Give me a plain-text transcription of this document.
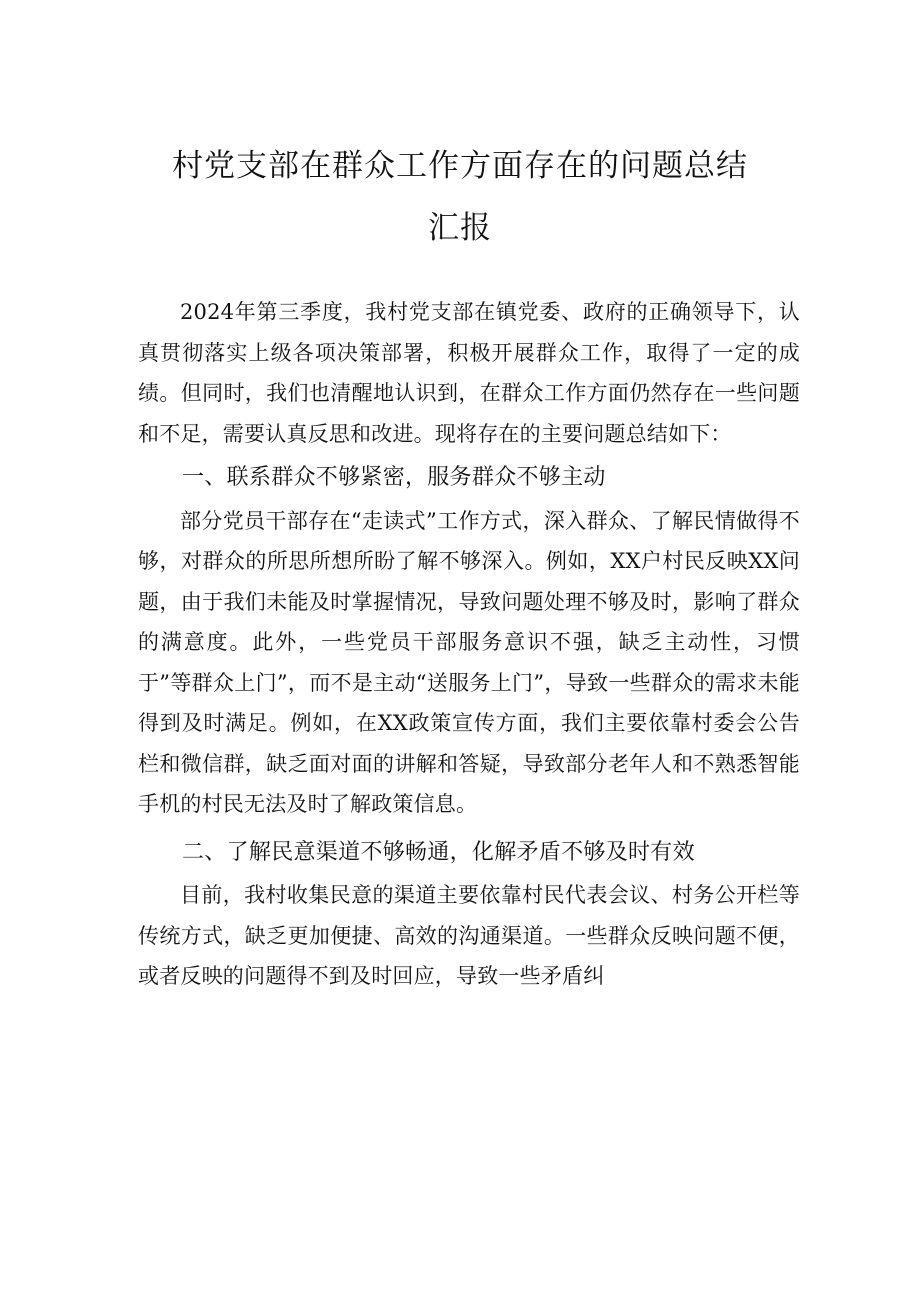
村党支部在群众工作方面存在的问题总结
汇报

2024年第三季度，我村党支部在镇党委、政府的正确领导下，认真贯彻落实上级各项决策部署，积极开展群众工作，取得了一定的成绩。但同时，我们也清醒地认识到，在群众工作方面仍然存在一些问题和不足，需要认真反思和改进。现将存在的主要问题总结如下：

一、联系群众不够紧密，服务群众不够主动

部分党员干部存在“走读式”工作方式，深入群众、了解民情做得不够，对群众的所思所想所盼了解不够深入。例如，XX户村民反映XX问题，由于我们未能及时掌握情况，导致问题处理不够及时，影响了群众的满意度。此外，一些党员干部服务意识不强，缺乏主动性，习惯于”等群众上门”，而不是主动“送服务上门”，导致一些群众的需求未能得到及时满足。例如，在XX政策宣传方面，我们主要依靠村委会公告栏和微信群，缺乏面对面的讲解和答疑，导致部分老年人和不熟悉智能手机的村民无法及时了解政策信息。

二、了解民意渠道不够畅通，化解矛盾不够及时有效

目前，我村收集民意的渠道主要依靠村民代表会议、村务公开栏等传统方式，缺乏更加便捷、高效的沟通渠道。一些群众反映问题不便，或者反映的问题得不到及时回应，导致一些矛盾纠
